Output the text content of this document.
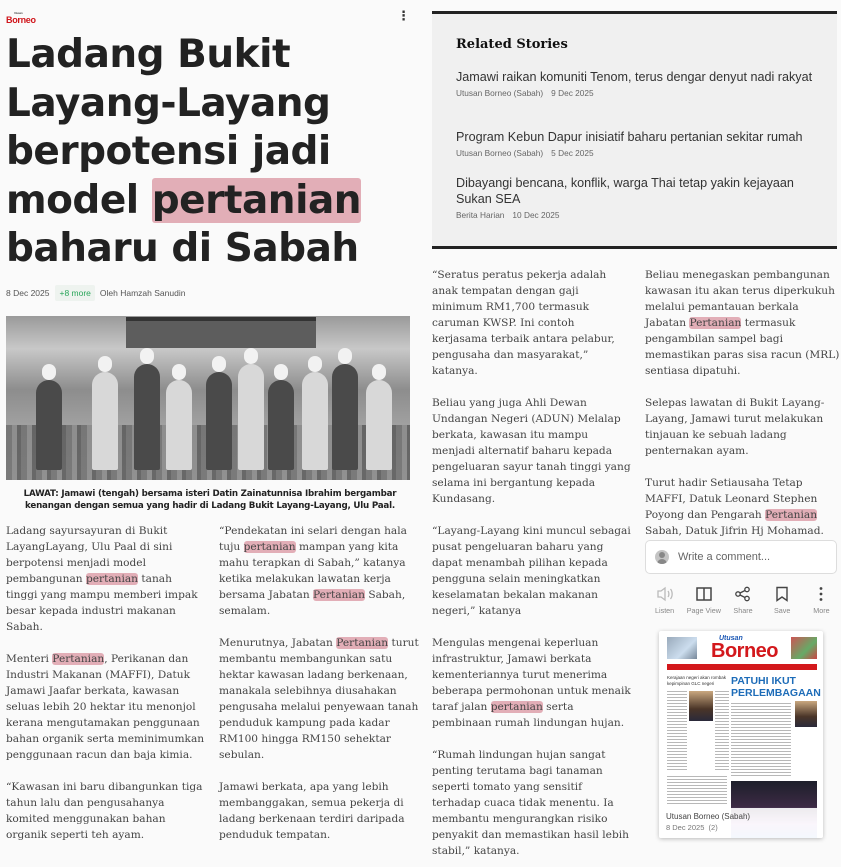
Utusan
Borneo	⋮
Ladang Bukit Layang-Layang berpotensi jadi model pertanian baharu di Sabah
8 Dec 2025	+8 more	Oleh Hamzah Sanudin
LAWAT: Jamawi (tengah) bersama isteri Datin Zainatunnisa Ibrahim bergambar kenangan dengan semua yang hadir di Ladang Bukit Layang-Layang, Ulu Paal.

Ladang sayursayuran di Bukit LayangLayang, Ulu Paal di sini berpotensi menjadi model pembangunan pertanian tanah tinggi yang mampu memberi impak besar kepada industri makanan Sabah.

Menteri Pertanian, Perikanan dan Industri Makanan (MAFFI), Datuk Jamawi Jaafar berkata, kawasan seluas lebih 20 hektar itu menonjol kerana mengutamakan penggunaan bahan organik serta meminimumkan penggunaan racun dan baja kimia.

“Kawasan ini baru dibangunkan tiga tahun lalu dan pengusahanya komited menggunakan bahan organik seperti teh ayam.

“Pendekatan ini selari dengan hala tuju pertanian mampan yang kita mahu terapkan di Sabah,” katanya ketika melakukan lawatan kerja bersama Jabatan Pertanian Sabah, semalam.

Menurutnya, Jabatan Pertanian turut membantu membangunkan satu hektar kawasan ladang berkenaan, manakala selebihnya diusahakan pengusaha melalui penyewaan tanah penduduk kampung pada kadar RM100 hingga RM150 sehektar sebulan.

Jamawi berkata, apa yang lebih membanggakan, semua pekerja di ladang berkenaan terdiri daripada penduduk tempatan.

Related Stories
Jamawi raikan komuniti Tenom, terus dengar denyut nadi rakyat
Utusan Borneo (Sabah) 9 Dec 2025
Program Kebun Dapur inisiatif baharu pertanian sekitar rumah
Utusan Borneo (Sabah) 5 Dec 2025
Dibayangi bencana, konflik, warga Thai tetap yakin kejayaan Sukan SEA
Berita Harian 10 Dec 2025

“Seratus peratus pekerja adalah anak tempatan dengan gaji minimum RM1,700 termasuk caruman KWSP. Ini contoh kerjasama terbaik antara pelabur, pengusaha dan masyarakat,” katanya.

Beliau yang juga Ahli Dewan Undangan Negeri (ADUN) Melalap berkata, kawasan itu mampu menjadi alternatif baharu kepada pengeluaran sayur tanah tinggi yang selama ini bergantung kepada Kundasang.

“Layang-Layang kini muncul sebagai pusat pengeluaran baharu yang dapat menambah pilihan kepada pengguna selain meningkatkan keselamatan bekalan makanan negeri,” katanya

Mengulas mengenai keperluan infrastruktur, Jamawi berkata kementeriannya turut menerima beberapa permohonan untuk menaik taraf jalan pertanian serta pembinaan rumah lindungan hujan.

“Rumah lindungan hujan sangat penting terutama bagi tanaman seperti tomato yang sensitif terhadap cuaca tidak menentu. Ia membantu mengurangkan risiko penyakit dan memastikan hasil lebih stabil,” katanya.

Beliau menegaskan pembangunan kawasan itu akan terus diperkukuh melalui pemantauan berkala Jabatan Pertanian termasuk pengambilan sampel bagi memastikan paras sisa racun (MRL) sentiasa dipatuhi.

Selepas lawatan di Bukit Layang-Layang, Jamawi turut melakukan tinjauan ke sebuah ladang penternakan ayam.

Turut hadir Setiausaha Tetap MAFFI, Datuk Leonard Stephen Poyong dan Pengarah Pertanian Sabah, Datuk Jifrin Hj Mohamad.

Write a comment...
Listen Page View Share	Save	More
Utusan
Borneo
Kerajaan negeri akan rombak kepimpinan GLC negeri	PATUHI IKUT PERLEMBAGAAN
Utusan Borneo (Sabah)
8 Dec 2025 (2)
